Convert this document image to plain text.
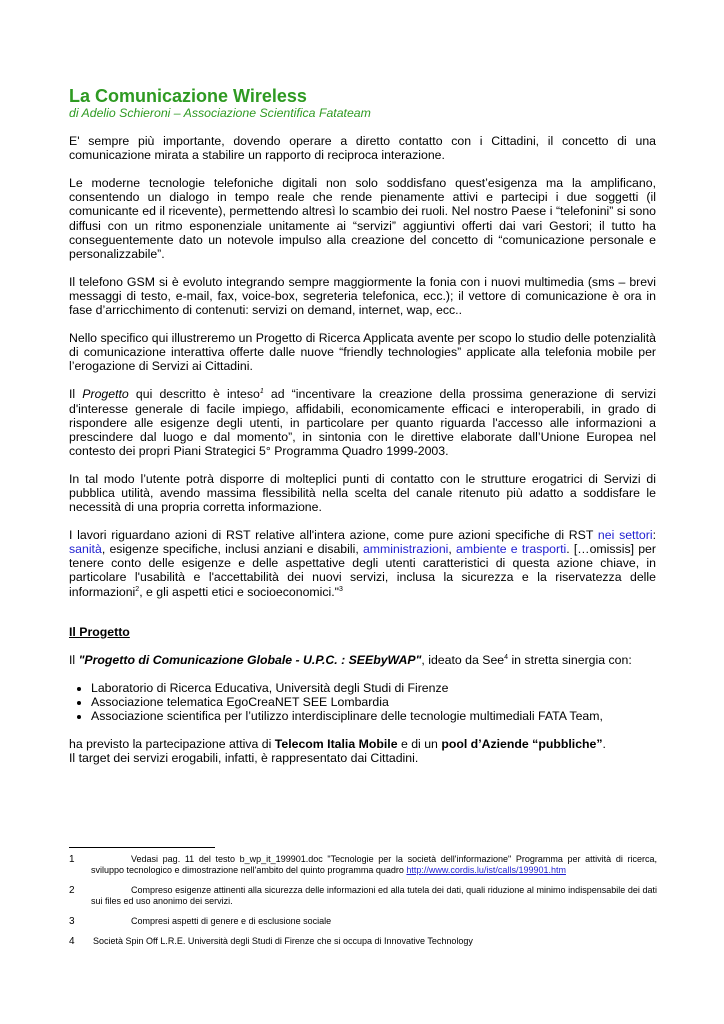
La Comunicazione Wireless
di Adelio Schieroni – Associazione Scientifica Fatateam

E' sempre più importante, dovendo operare a diretto contatto con i Cittadini, il concetto di una comunicazione mirata a stabilire un rapporto di reciproca interazione.

Le moderne tecnologie telefoniche digitali non solo soddisfano quest’esigenza ma la amplificano, consentendo un dialogo in tempo reale che rende pienamente attivi e partecipi i due soggetti (il comunicante ed il ricevente), permettendo altresì lo scambio dei ruoli. Nel nostro Paese i “telefonini” si sono diffusi con un ritmo esponenziale unitamente ai “servizi” aggiuntivi offerti dai vari Gestori; il tutto ha conseguentemente dato un notevole impulso alla creazione del concetto di “comunicazione personale e personalizzabile”.

Il telefono GSM si è evoluto integrando sempre maggiormente la fonia con i nuovi multimedia (sms – brevi messaggi di testo, e-mail, fax, voice-box, segreteria telefonica, ecc.); il vettore di comunicazione è ora in fase d’arricchimento di contenuti: servizi on demand, internet, wap, ecc..

Nello specifico qui illustreremo un Progetto di Ricerca Applicata avente per scopo lo studio delle potenzialità di comunicazione interattiva offerte dalle nuove “friendly technologies” applicate alla telefonia mobile per l’erogazione di Servizi ai Cittadini.

Il Progetto qui descritto è inteso$^1$ ad “incentivare la creazione della prossima generazione di servizi d'interesse generale di facile impiego, affidabili, economicamente efficaci e interoperabili, in grado di rispondere alle esigenze degli utenti, in particolare per quanto riguarda l'accesso alle informazioni a prescindere dal luogo e dal momento”, in sintonia con le direttive elaborate dall’Unione Europea nel contesto dei propri Piani Strategici 5° Programma Quadro 1999-2003.

In tal modo l’utente potrà disporre di molteplici punti di contatto con le strutture erogatrici di Servizi di pubblica utilità, avendo massima flessibilità nella scelta del canale ritenuto più adatto a soddisfare le necessità di una propria corretta informazione.

I lavori riguardano azioni di RST relative all'intera azione, come pure azioni specifiche di RST nei settori: sanità, esigenze specifiche, inclusi anziani e disabili, amministrazioni, ambiente e trasporti. […omissis] per tenere conto delle esigenze e delle aspettative degli utenti caratteristici di questa azione chiave, in particolare l'usabilità e l'accettabilità dei nuovi servizi, inclusa la sicurezza e la riservatezza delle informazioni$^2$, e gli aspetti etici e socioeconomici."$^3$

Il Progetto

Il "Progetto di Comunicazione Globale - U.P.C. : SEEbyWAP", ideato da See$^4$ in stretta sinergia con:

• Laboratorio di Ricerca Educativa, Università degli Studi di Firenze
• Associazione telematica EgoCreaNET SEE Lombardia
• Associazione scientifica per l’utilizzo interdisciplinare delle tecnologie multimediali FATA Team,

ha previsto la partecipazione attiva di Telecom Italia Mobile e di un pool d’Aziende “pubbliche”.
Il target dei servizi erogabili, infatti, è rappresentato dai Cittadini.

1	Vedasi pag. 11 del testo b_wp_it_199901.doc "Tecnologie per la società dell'informazione" Programma per attività di ricerca, sviluppo tecnologico e dimostrazione nell'ambito del quinto programma quadro http://www.cordis.lu/ist/calls/199901.htm
2	Compreso esigenze attinenti alla sicurezza delle informazioni ed alla tutela dei dati, quali riduzione al minimo indispensabile dei dati sui files ed uso anonimo dei servizi.
3	Compresi aspetti di genere e di esclusione sociale
4	Società Spin Off L.R.E. Università degli Studi di Firenze che si occupa di Innovative Technology
